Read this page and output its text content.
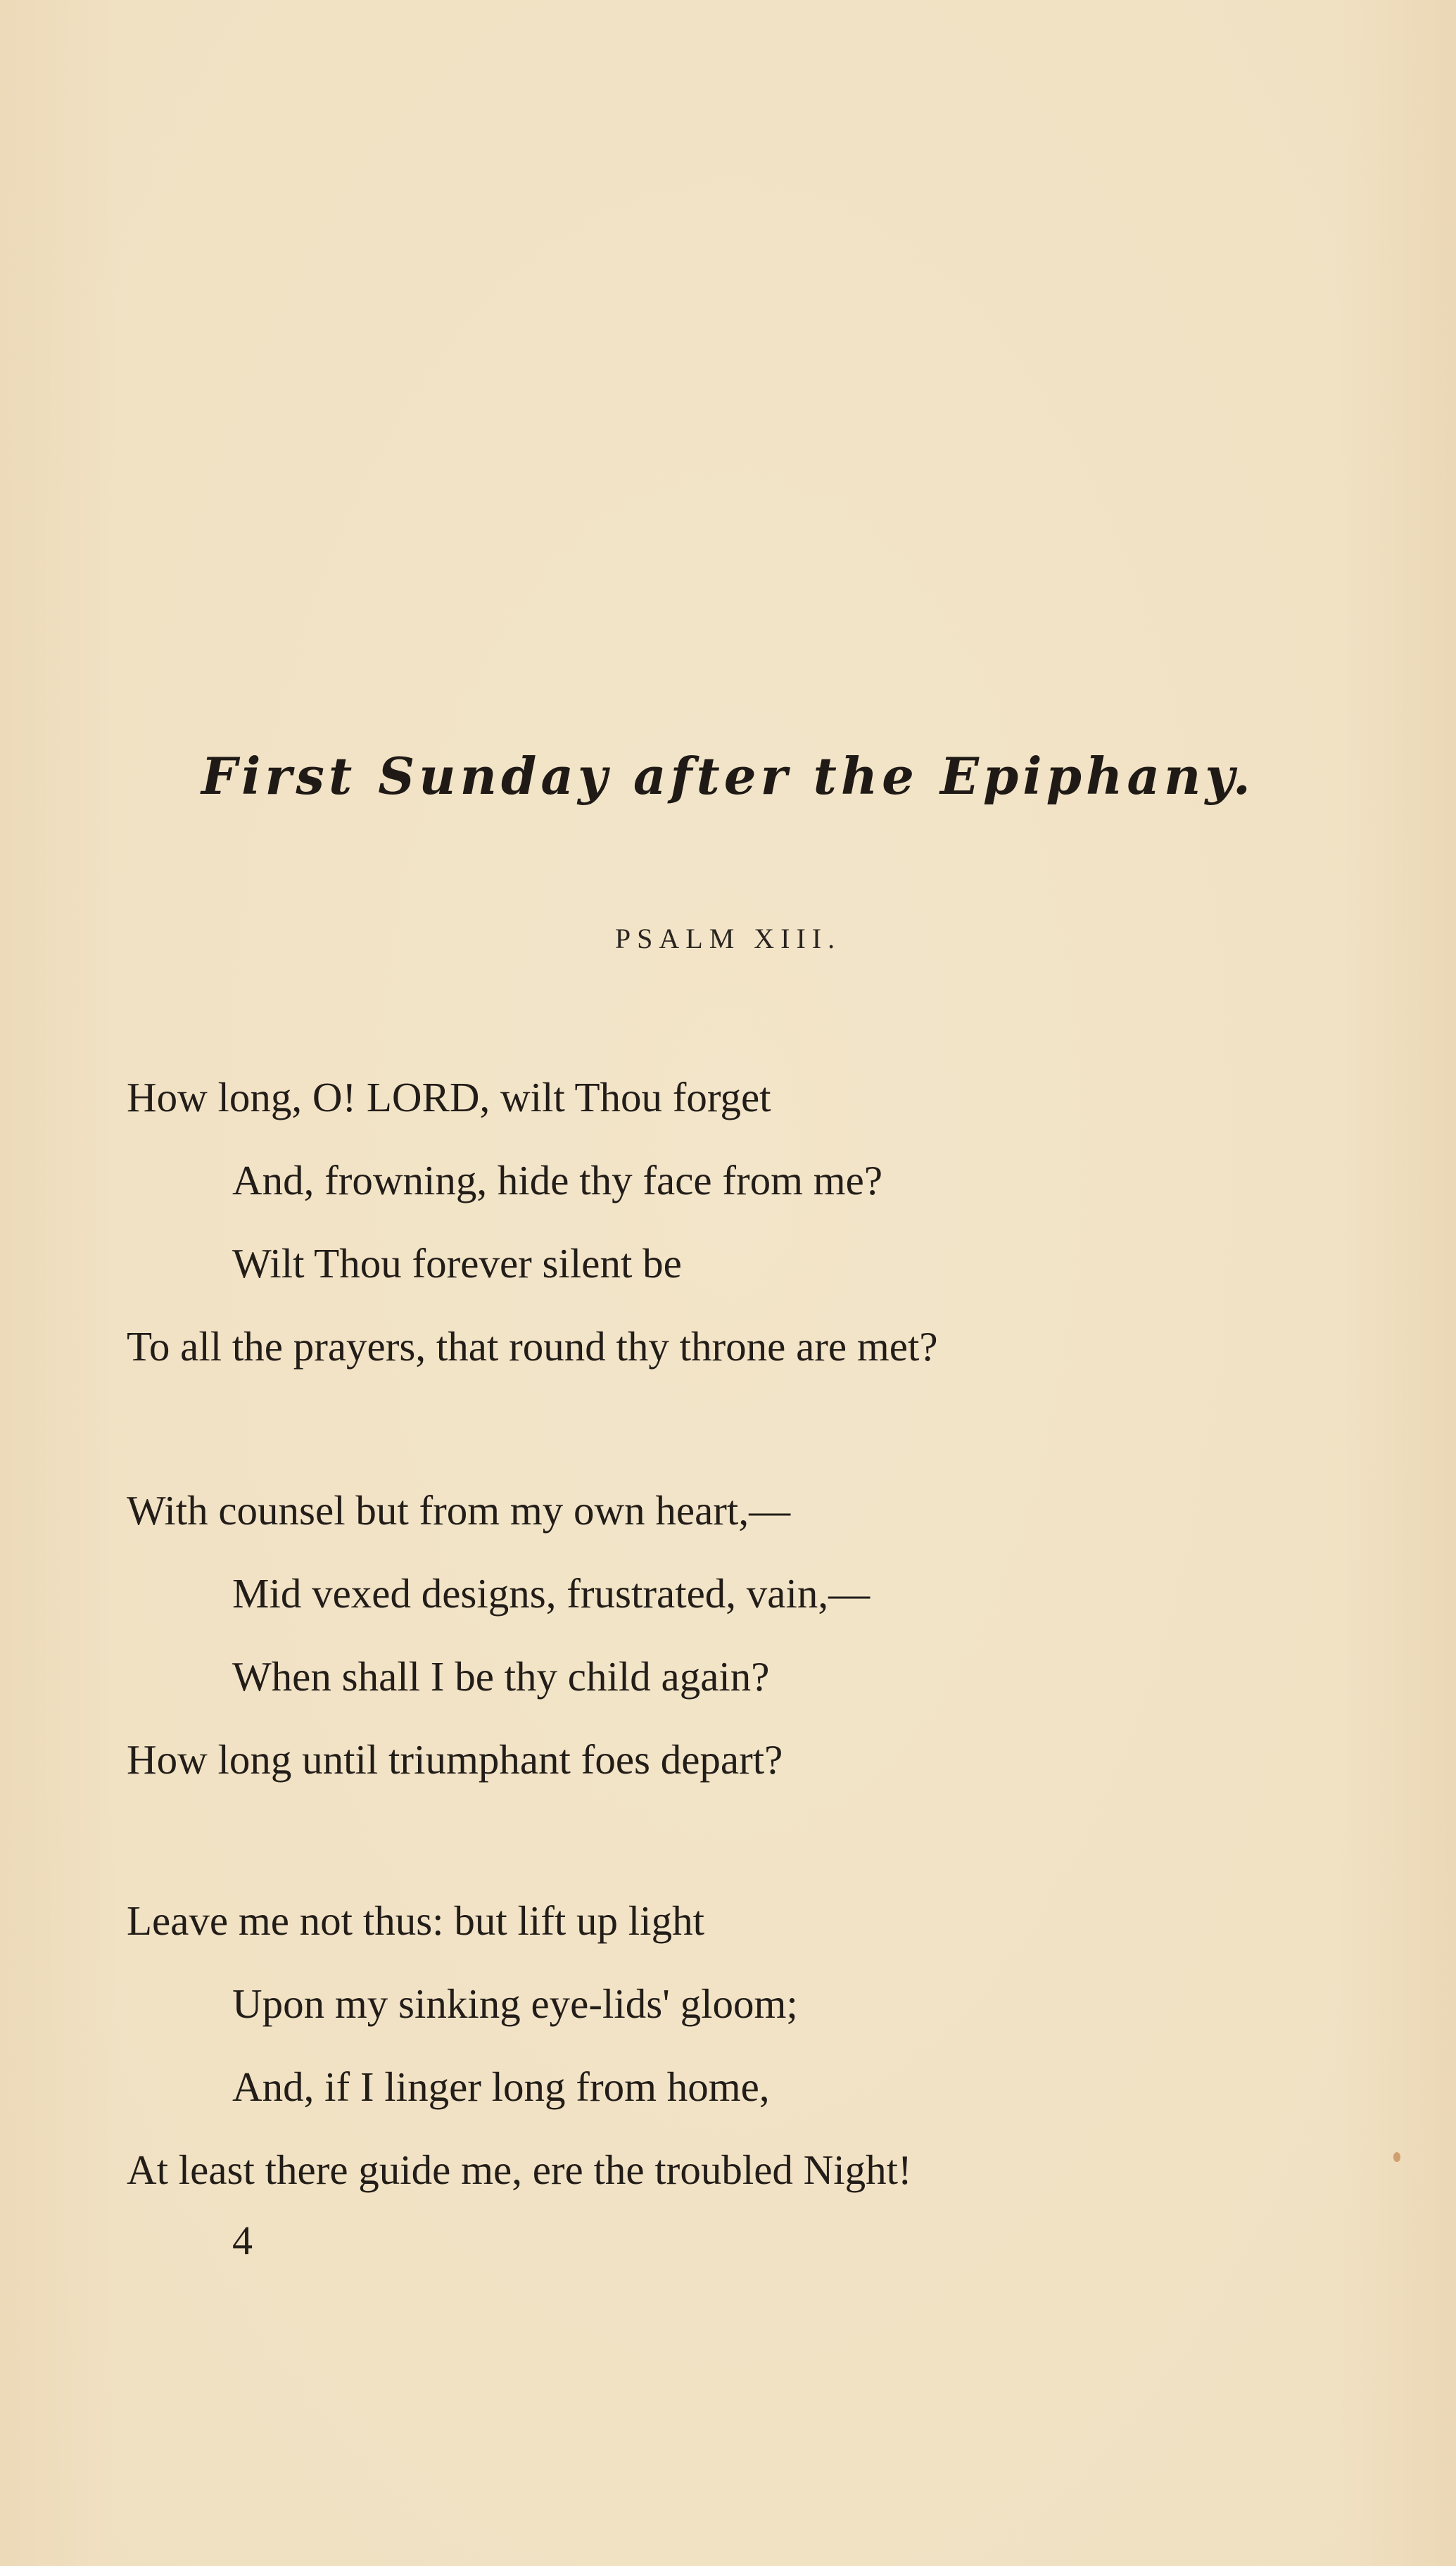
First Sunday after the Epiphany.
PSALM XIII.
How long, O! LORD, wilt Thou forget
And, frowning, hide thy face from me?
Wilt Thou forever silent be
To all the prayers, that round thy throne are met?
With counsel but from my own heart,—
Mid vexed designs, frustrated, vain,—
When shall I be thy child again?
How long until triumphant foes depart?
Leave me not thus: but lift up light
Upon my sinking eye-lids' gloom;
And, if I linger long from home,
At least there guide me, ere the troubled Night!
4
